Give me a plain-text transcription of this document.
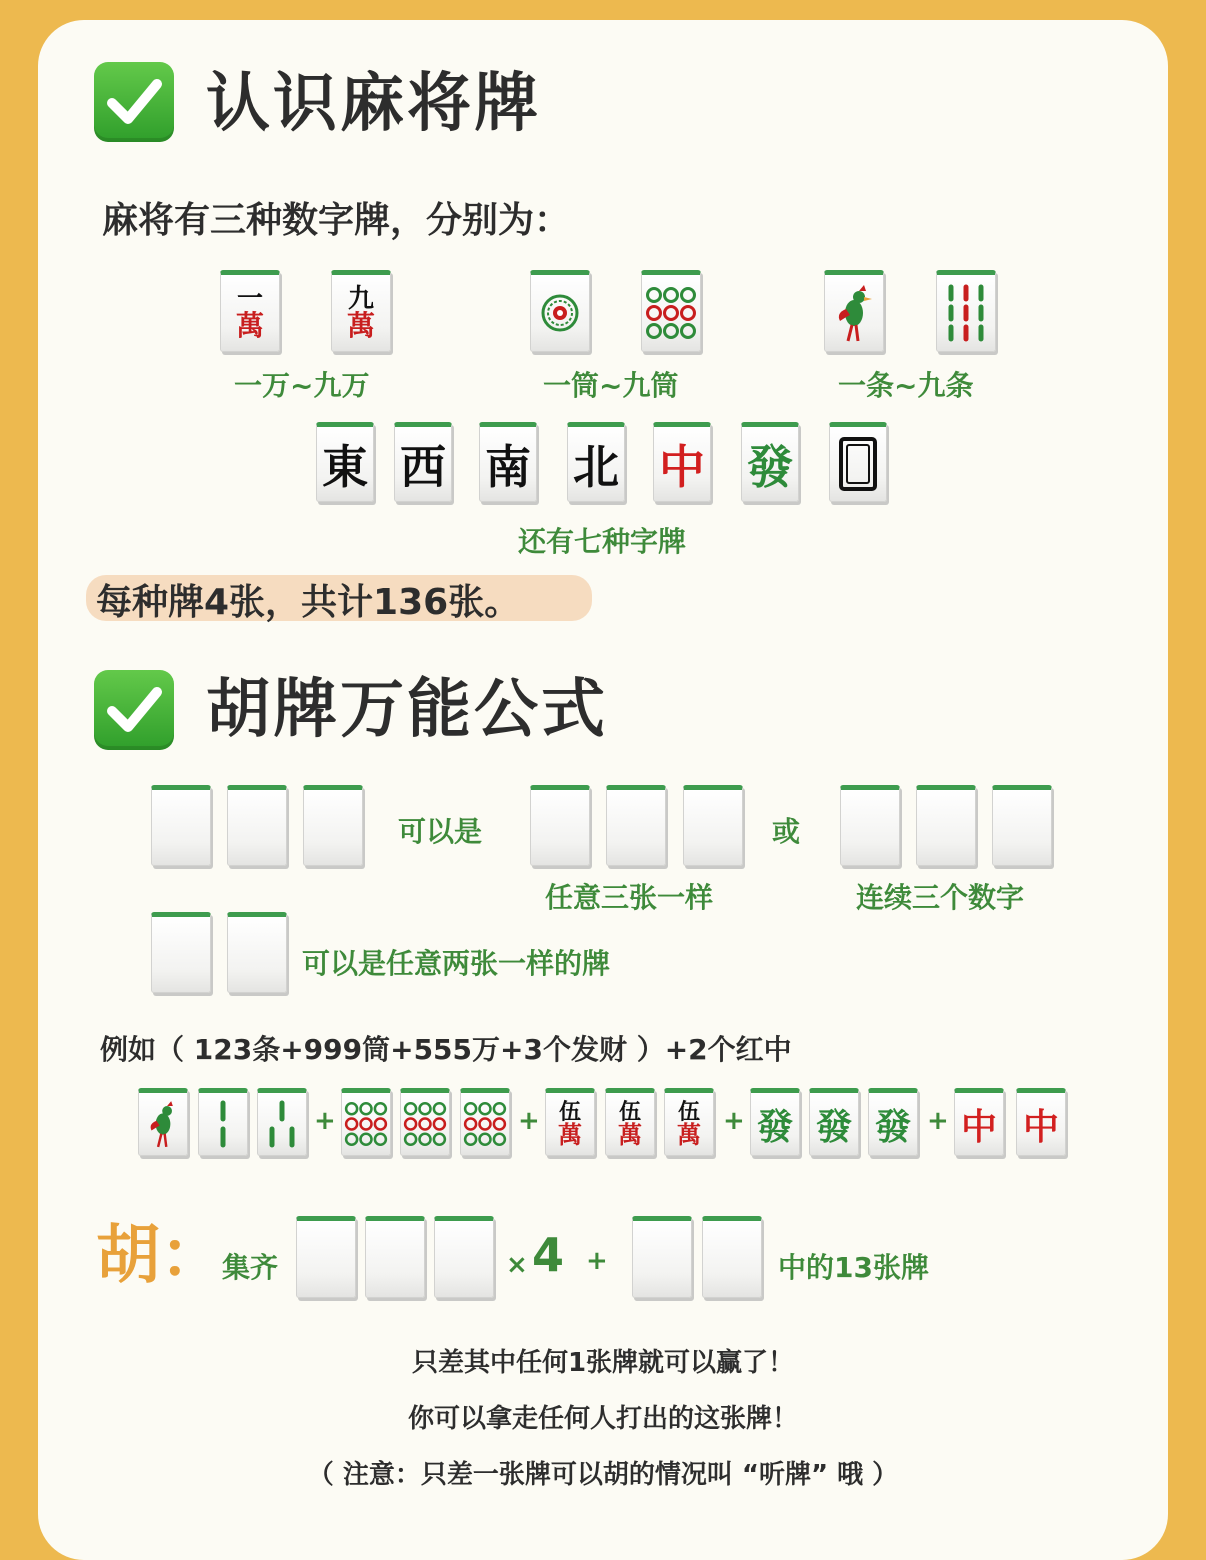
认识麻将牌
麻将有三种数字牌，分别为：
一
萬
九
萬
一万~九万	一筒~九筒	一条~九条
東 西 南 北 中 發
还有七种字牌
每种牌4张，共计136张。
胡牌万能公式
可以是	或
任意三张一样	连续三个数字
可以是任意两张一样的牌
例如（ 123条+999筒+555万+3个发财 ）+2个红中
+	+ 伍
萬
伍
萬
伍
萬 + 發 發 發 + 中 中
胡：
集齐	× 4 +	中的13张牌
只差其中任何1张牌就可以赢了！
你可以拿走任何人打出的这张牌！
（ 注意：只差一张牌可以胡的情况叫 “听牌” 哦 ）
